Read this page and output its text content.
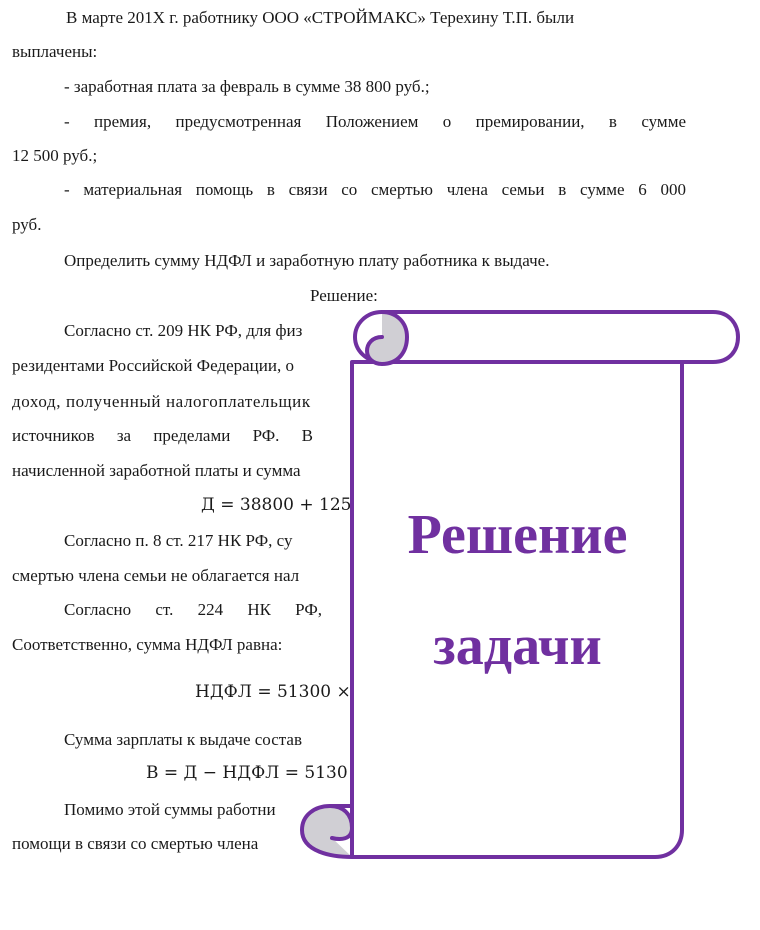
В марте 201Х г. работнику ООО «СТРОЙМАКС» Терехину Т.П. были
выплачены:
- заработная плата за февраль в сумме 38 800 руб.;
- премия, предусмотренная Положением о премировании, в сумме
12 500 руб.;
- материальная помощь в связи со смертью члена семьи в сумме 6 000
руб.
Определить сумму НДФЛ и заработную плату работника к выдаче.
Решение:
Согласно ст. 209 НК РФ, для физ
резидентами Российской Федерации, о
доход, полученный налогоплательщик
источников за пределами РФ. В
начисленной заработной платы и сумма
Д = 38800 + 125
Согласно п. 8 ст. 217 НК РФ, су
смертью члена семьи не облагается нал
Согласно ст. 224 НК РФ,
Соответственно, сумма НДФЛ равна:
НДФЛ = 51300 ×
Сумма зарплаты к выдаче состав
В = Д − НДФЛ = 5130
Помимо этой суммы работни
помощи в связи со смертью члена
Решение
задачи
